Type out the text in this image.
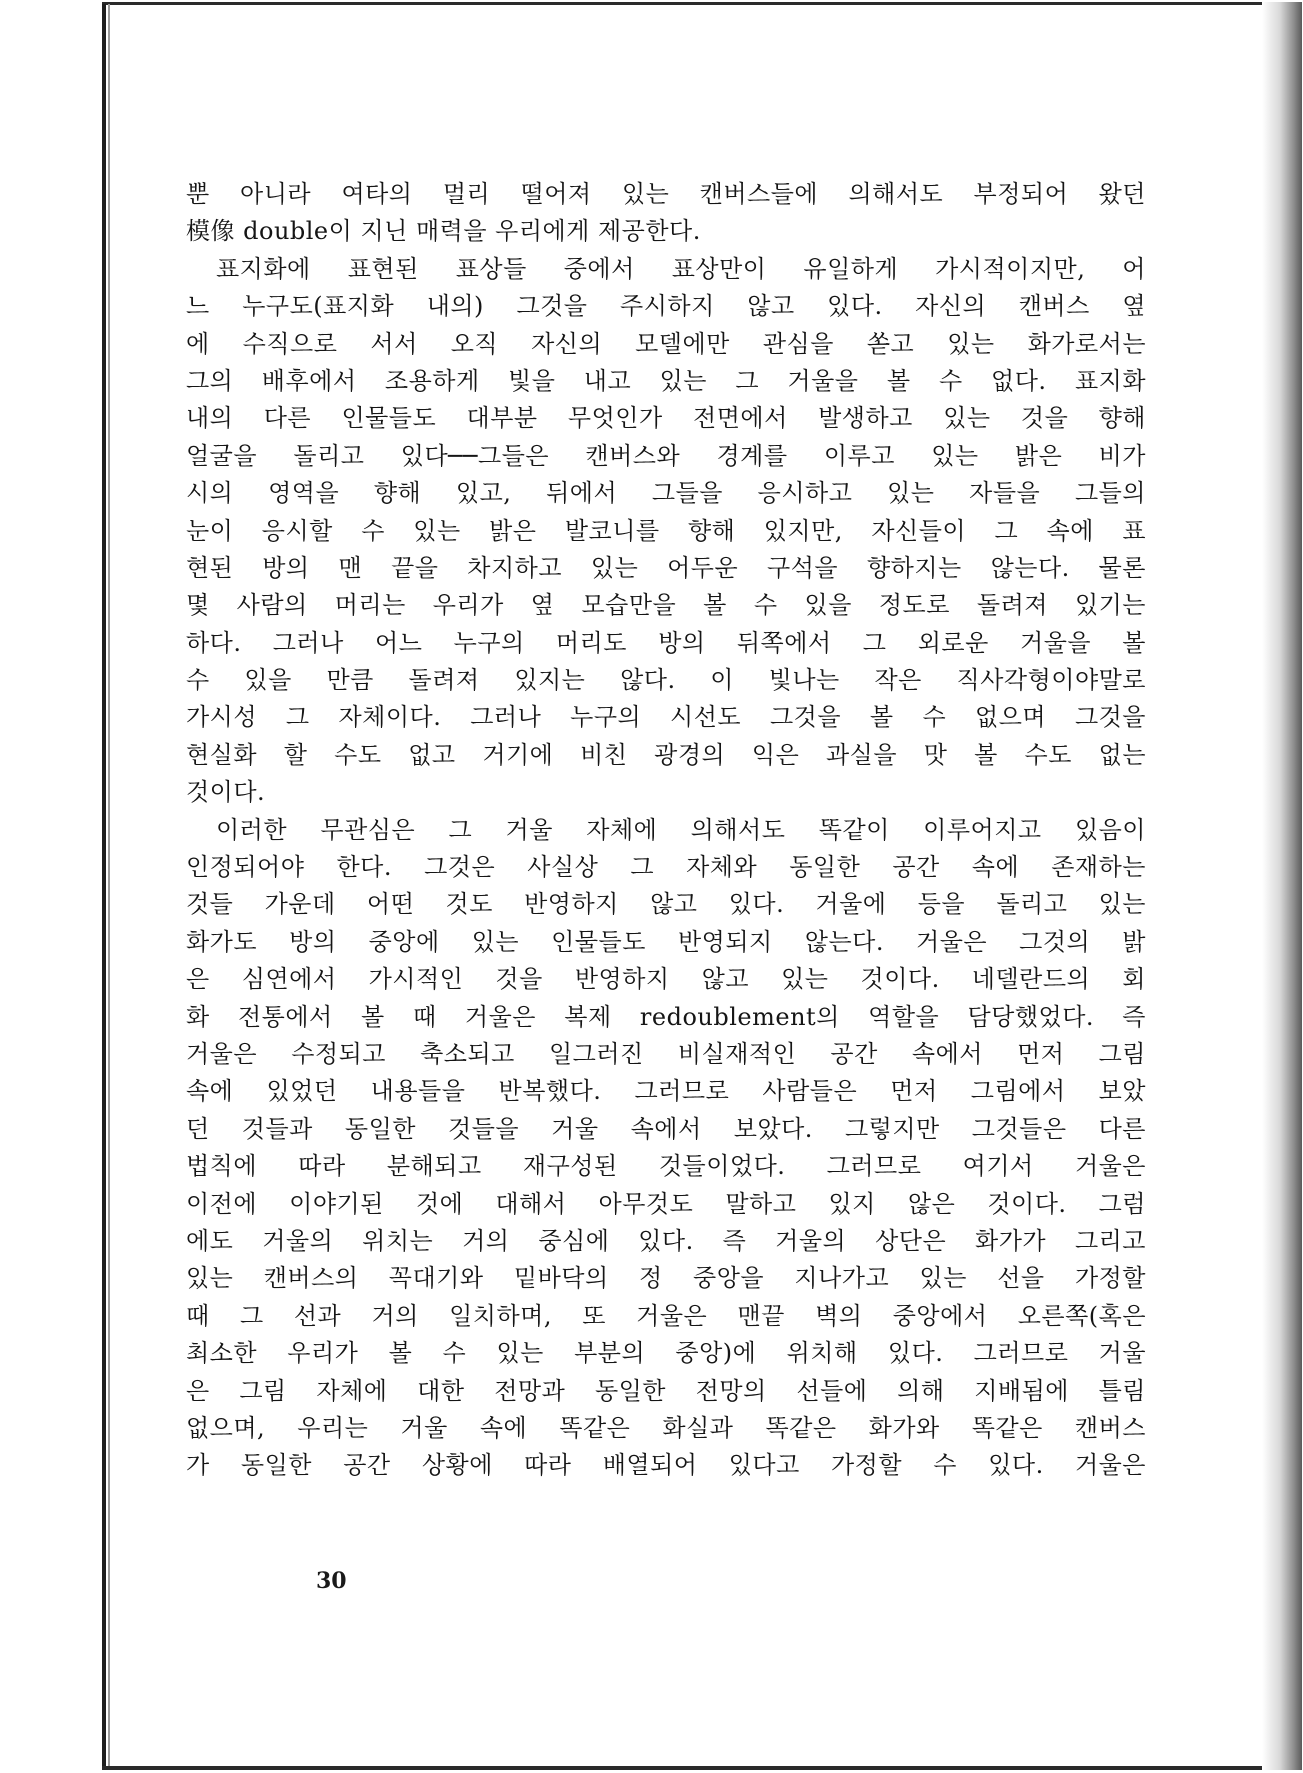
뿐 아니라 여타의 멀리 떨어져 있는 캔버스들에 의해서도 부정되어 왔던
模像 double이 지닌 매력을 우리에게 제공한다.
표지화에 표현된 표상들 중에서 표상만이 유일하게 가시적이지만, 어
느 누구도(표지화 내의) 그것을 주시하지 않고 있다. 자신의 캔버스 옆
에 수직으로 서서 오직 자신의 모델에만 관심을 쏟고 있는 화가로서는
그의 배후에서 조용하게 빛을 내고 있는 그 거울을 볼 수 없다. 표지화
내의 다른 인물들도 대부분 무엇인가 전면에서 발생하고 있는 것을 향해
얼굴을 돌리고 있다──그들은 캔버스와 경계를 이루고 있는 밝은 비가
시의 영역을 향해 있고, 뒤에서 그들을 응시하고 있는 자들을 그들의
눈이 응시할 수 있는 밝은 발코니를 향해 있지만, 자신들이 그 속에 표
현된 방의 맨 끝을 차지하고 있는 어두운 구석을 향하지는 않는다. 물론
몇 사람의 머리는 우리가 옆 모습만을 볼 수 있을 정도로 돌려져 있기는
하다. 그러나 어느 누구의 머리도 방의 뒤쪽에서 그 외로운 거울을 볼
수 있을 만큼 돌려져 있지는 않다. 이 빛나는 작은 직사각형이야말로
가시성 그 자체이다. 그러나 누구의 시선도 그것을 볼 수 없으며 그것을
현실화 할 수도 없고 거기에 비친 광경의 익은 과실을 맛 볼 수도 없는
것이다.
이러한 무관심은 그 거울 자체에 의해서도 똑같이 이루어지고 있음이
인정되어야 한다. 그것은 사실상 그 자체와 동일한 공간 속에 존재하는
것들 가운데 어떤 것도 반영하지 않고 있다. 거울에 등을 돌리고 있는
화가도 방의 중앙에 있는 인물들도 반영되지 않는다. 거울은 그것의 밝
은 심연에서 가시적인 것을 반영하지 않고 있는 것이다. 네델란드의 회
화 전통에서 볼 때 거울은 복제 redoublement의 역할을 담당했었다. 즉
거울은 수정되고 축소되고 일그러진 비실재적인 공간 속에서 먼저 그림
속에 있었던 내용들을 반복했다. 그러므로 사람들은 먼저 그림에서 보았
던 것들과 동일한 것들을 거울 속에서 보았다. 그렇지만 그것들은 다른
법칙에 따라 분해되고 재구성된 것들이었다. 그러므로 여기서 거울은
이전에 이야기된 것에 대해서 아무것도 말하고 있지 않은 것이다. 그럼
에도 거울의 위치는 거의 중심에 있다. 즉 거울의 상단은 화가가 그리고
있는 캔버스의 꼭대기와 밑바닥의 정 중앙을 지나가고 있는 선을 가정할
때 그 선과 거의 일치하며, 또 거울은 맨끝 벽의 중앙에서 오른쪽(혹은
최소한 우리가 볼 수 있는 부분의 중앙)에 위치해 있다. 그러므로 거울
은 그림 자체에 대한 전망과 동일한 전망의 선들에 의해 지배됨에 틀림
없으며, 우리는 거울 속에 똑같은 화실과 똑같은 화가와 똑같은 캔버스
가 동일한 공간 상황에 따라 배열되어 있다고 가정할 수 있다. 거울은
30
